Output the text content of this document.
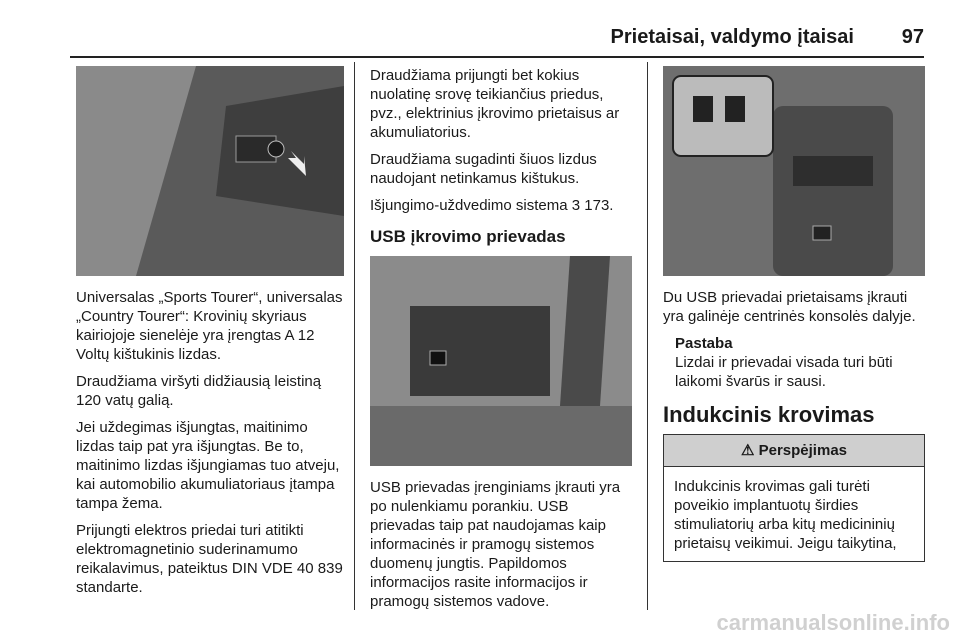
Prietaisai, valdymo įtaisai 97

Universalas „Sports Tourer“, universalas „Country Tourer“: Krovinių skyriaus kairiojoje sienelėje yra įrengtas A 12 Voltų kištukinis lizdas.

Draudžiama viršyti didžiausią leistiną 120 vatų galią.

Jei uždegimas išjungtas, maitinimo lizdas taip pat yra išjungtas. Be to, maitinimo lizdas išjungiamas tuo atveju, kai automobilio akumuliatoriaus įtampa tampa žema.

Prijungti elektros priedai turi atitikti elektromagnetinio suderinamumo reikalavimus, pateiktus DIN VDE 40 839 standarte.

Draudžiama prijungti bet kokius nuolatinę srovę teikiančius priedus, pvz., elektrinius įkrovimo prietaisus ar akumuliatorius.

Draudžiama sugadinti šiuos lizdus naudojant netinkamus kištukus.

Išjungimo-uždvedimo sistema 3 173.

USB įkrovimo prievadas

USB prievadas įrenginiams įkrauti yra po nulenkiamu porankiu. USB prievadas taip pat naudojamas kaip informacinės ir pramogų sistemos duomenų jungtis. Papildomos informacijos rasite informacijos ir pramogų sistemos vadove.

Du USB prievadai prietaisams įkrauti yra galinėje centrinės konsolės dalyje.

Pastaba
Lizdai ir prievadai visada turi būti laikomi švarūs ir sausi.
Indukcinis krovimas
⚠ Perspėjimas
Indukcinis krovimas gali turėti poveikio implantuotų širdies stimuliatorių arba kitų medicininių prietaisų veikimui. Jeigu taikytina,
carmanualsonline.info
